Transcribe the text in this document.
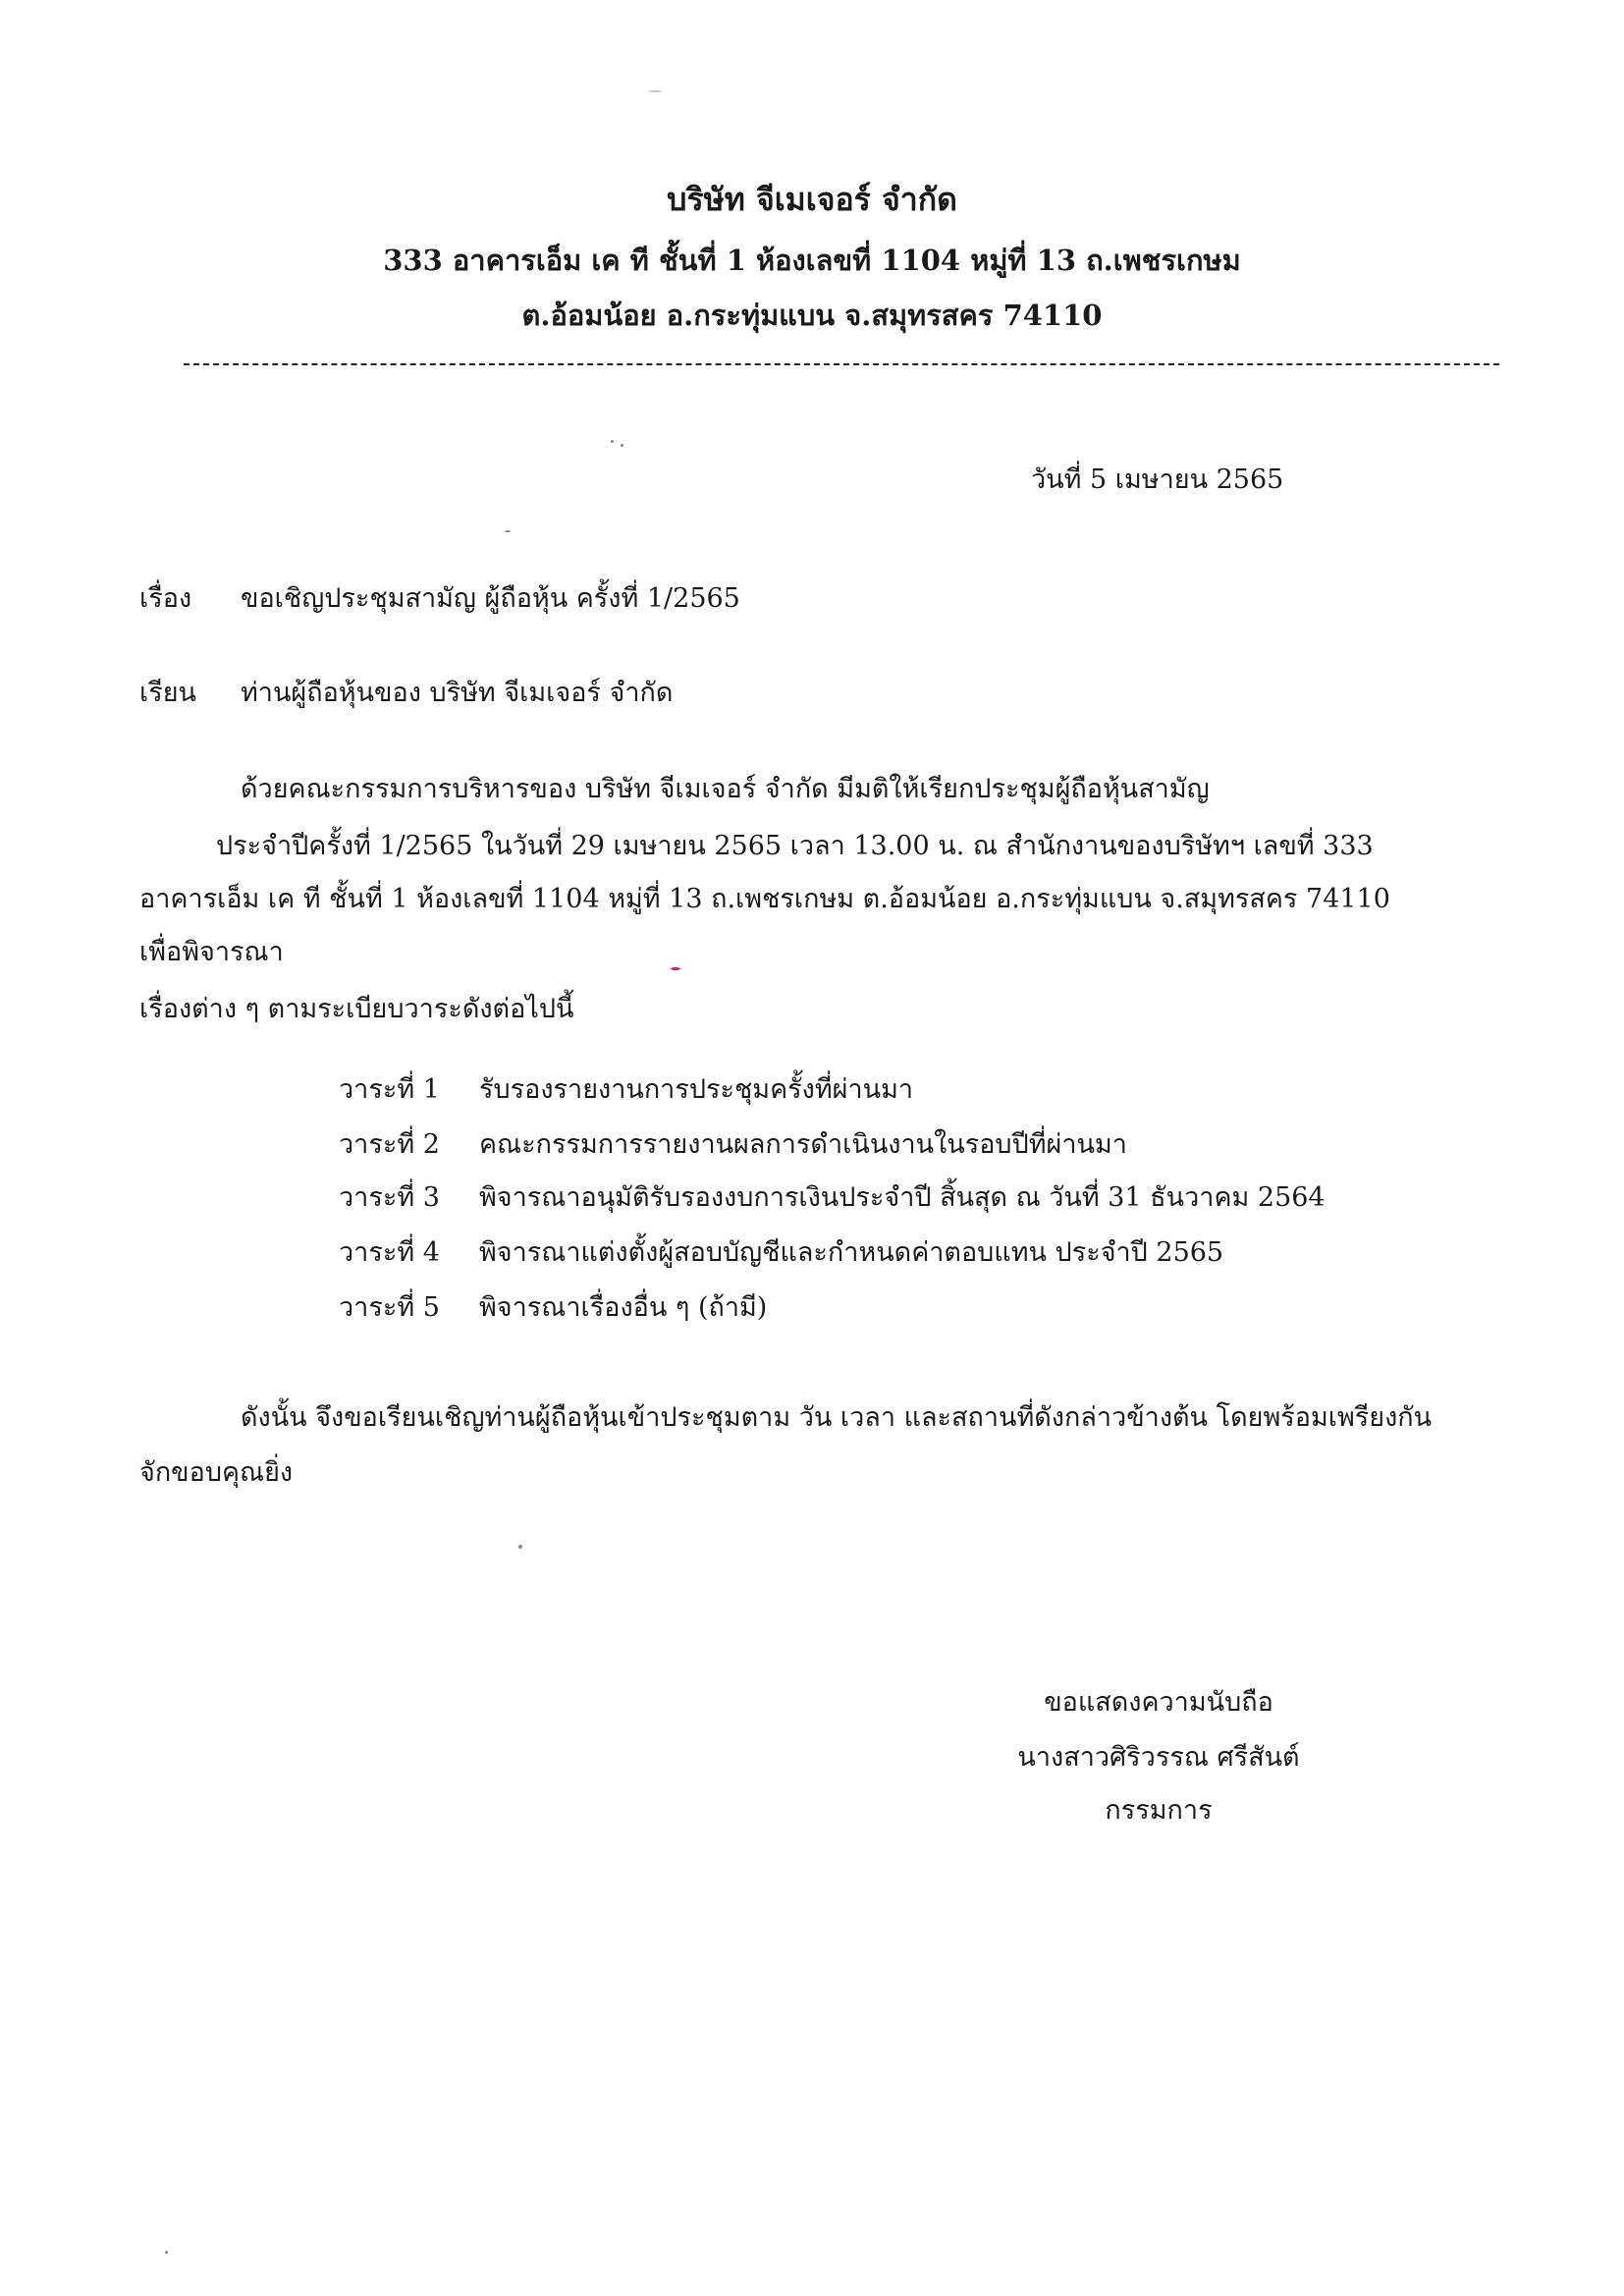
บริษัท จีเมเจอร์ จำกัด
333 อาคารเอ็ม เค ที ชั้นที่ 1 ห้องเลขที่ 1104 หมู่ที่ 13 ถ.เพชรเกษม
ต.อ้อมน้อย อ.กระทุ่มแบน จ.สมุทรสคร 74110
วันที่ 5 เมษายน 2565
เรื่อง ขอเชิญประชุมสามัญ ผู้ถือหุ้น ครั้งที่ 1/2565
เรียน ท่านผู้ถือหุ้นของ บริษัท จีเมเจอร์ จำกัด
ด้วยคณะกรรมการบริหารของ บริษัท จีเมเจอร์ จำกัด มีมติให้เรียกประชุมผู้ถือหุ้นสามัญ
ประจำปีครั้งที่ 1/2565 ในวันที่ 29 เมษายน 2565 เวลา 13.00 น. ณ สำนักงานของบริษัทฯ เลขที่ 333
อาคารเอ็ม เค ที ชั้นที่ 1 ห้องเลขที่ 1104 หมู่ที่ 13 ถ.เพชรเกษม ต.อ้อมน้อย อ.กระทุ่มแบน จ.สมุทรสคร 74110
เพื่อพิจารณา
เรื่องต่าง ๆ ตามระเบียบวาระดังต่อไปนี้
วาระที่ 1 รับรองรายงานการประชุมครั้งที่ผ่านมา
วาระที่ 2 คณะกรรมการรายงานผลการดำเนินงานในรอบปีที่ผ่านมา
วาระที่ 3 พิจารณาอนุมัติรับรองงบการเงินประจำปี สิ้นสุด ณ วันที่ 31 ธันวาคม 2564
วาระที่ 4 พิจารณาแต่งตั้งผู้สอบบัญชีและกำหนดค่าตอบแทน ประจำปี 2565
วาระที่ 5 พิจารณาเรื่องอื่น ๆ (ถ้ามี)
ดังนั้น จึงขอเรียนเชิญท่านผู้ถือหุ้นเข้าประชุมตาม วัน เวลา และสถานที่ดังกล่าวข้างต้น โดยพร้อมเพรียงกัน
จักขอบคุณยิ่ง
ขอแสดงความนับถือ
นางสาวศิริวรรณ ศรีสันต์
กรรมการ
